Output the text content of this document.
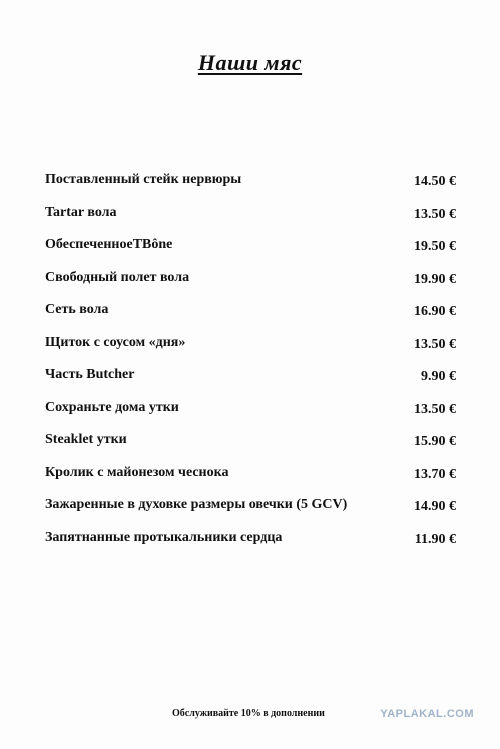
Наши мяс
Поставленный стейк нервюры	14.50 €
Tartar вола	13.50 €
ОбеспеченноеTBône	19.50 €
Свободный полет вола	19.90 €
Сеть вола	16.90 €
Щиток с соусом «дня»	13.50 €
Часть Butcher	9.90 €
Сохраньте дома утки	13.50 €
Steaklet утки	15.90 €
Кролик с майонезом чеснока	13.70 €
Зажаренные в духовке размеры овечки (5 GCV)	14.90 €
Запятнанные протыкальники сердца	11.90 €
Обслуживайте 10% в дополнении	YAPLAKAL.COM
